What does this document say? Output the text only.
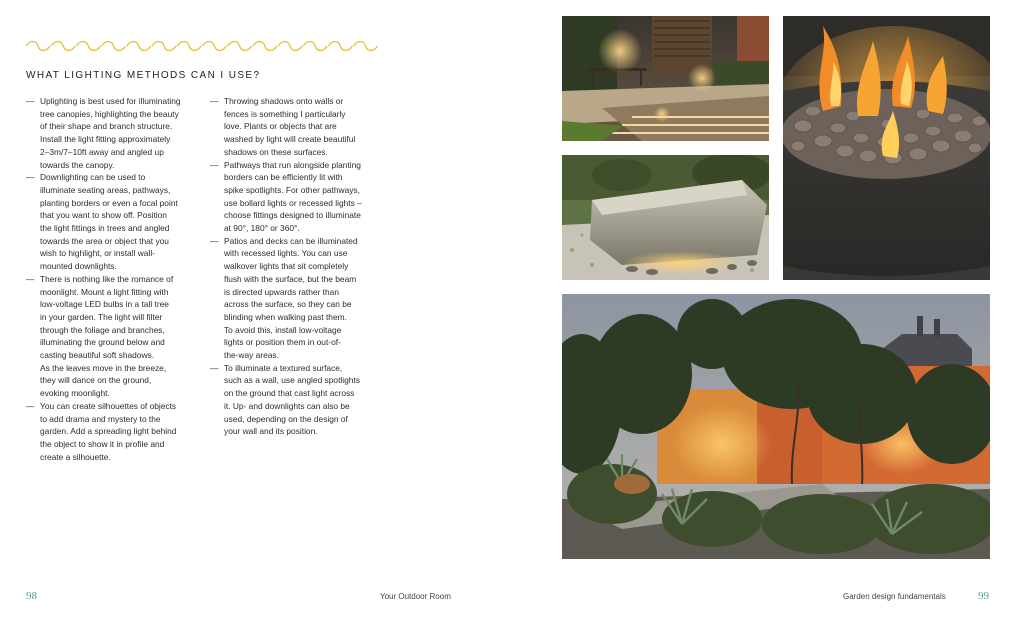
WHAT LIGHTING METHODS CAN I USE?
— Uplighting is best used for illuminating
tree canopies, highlighting the beauty
of their shape and branch structure.
Install the light fitting approximately
2–3m/7–10ft away and angled up
towards the canopy.
— Downlighting can be used to
illuminate seating areas, pathways,
planting borders or even a focal point
that you want to show off. Position
the light fittings in trees and angled
towards the area or object that you
wish to highlight, or install wall-
mounted downlights.
— There is nothing like the romance of
moonlight. Mount a light fitting with
low-voltage LED bulbs in a tall tree
in your garden. The light will filter
through the foliage and branches,
illuminating the ground below and
casting beautiful soft shadows.
As the leaves move in the breeze,
they will dance on the ground,
evoking moonlight.
— You can create silhouettes of objects
to add drama and mystery to the
garden. Add a spreading light behind
the object to show it in profile and
create a silhouette.
— Throwing shadows onto walls or
fences is something I particularly
love. Plants or objects that are
washed by light will create beautiful
shadows on these surfaces.
— Pathways that run alongside planting
borders can be efficiently lit with
spike spotlights. For other pathways,
use bollard lights or recessed lights –
choose fittings designed to illuminate
at 90°, 180° or 360°.
— Patios and decks can be illuminated
with recessed lights. You can use
walkover lights that sit completely
flush with the surface, but the beam
is directed upwards rather than
across the surface, so they can be
blinding when walking past them.
To avoid this, install low-voltage
lights or position them in out-of-
the-way areas.
— To illuminate a textured surface,
such as a wall, use angled spotlights
on the ground that cast light across
it. Up- and downlights can also be
used, depending on the design of
your wall and its position.
98	Your Outdoor Room	Garden design fundamentals	99
